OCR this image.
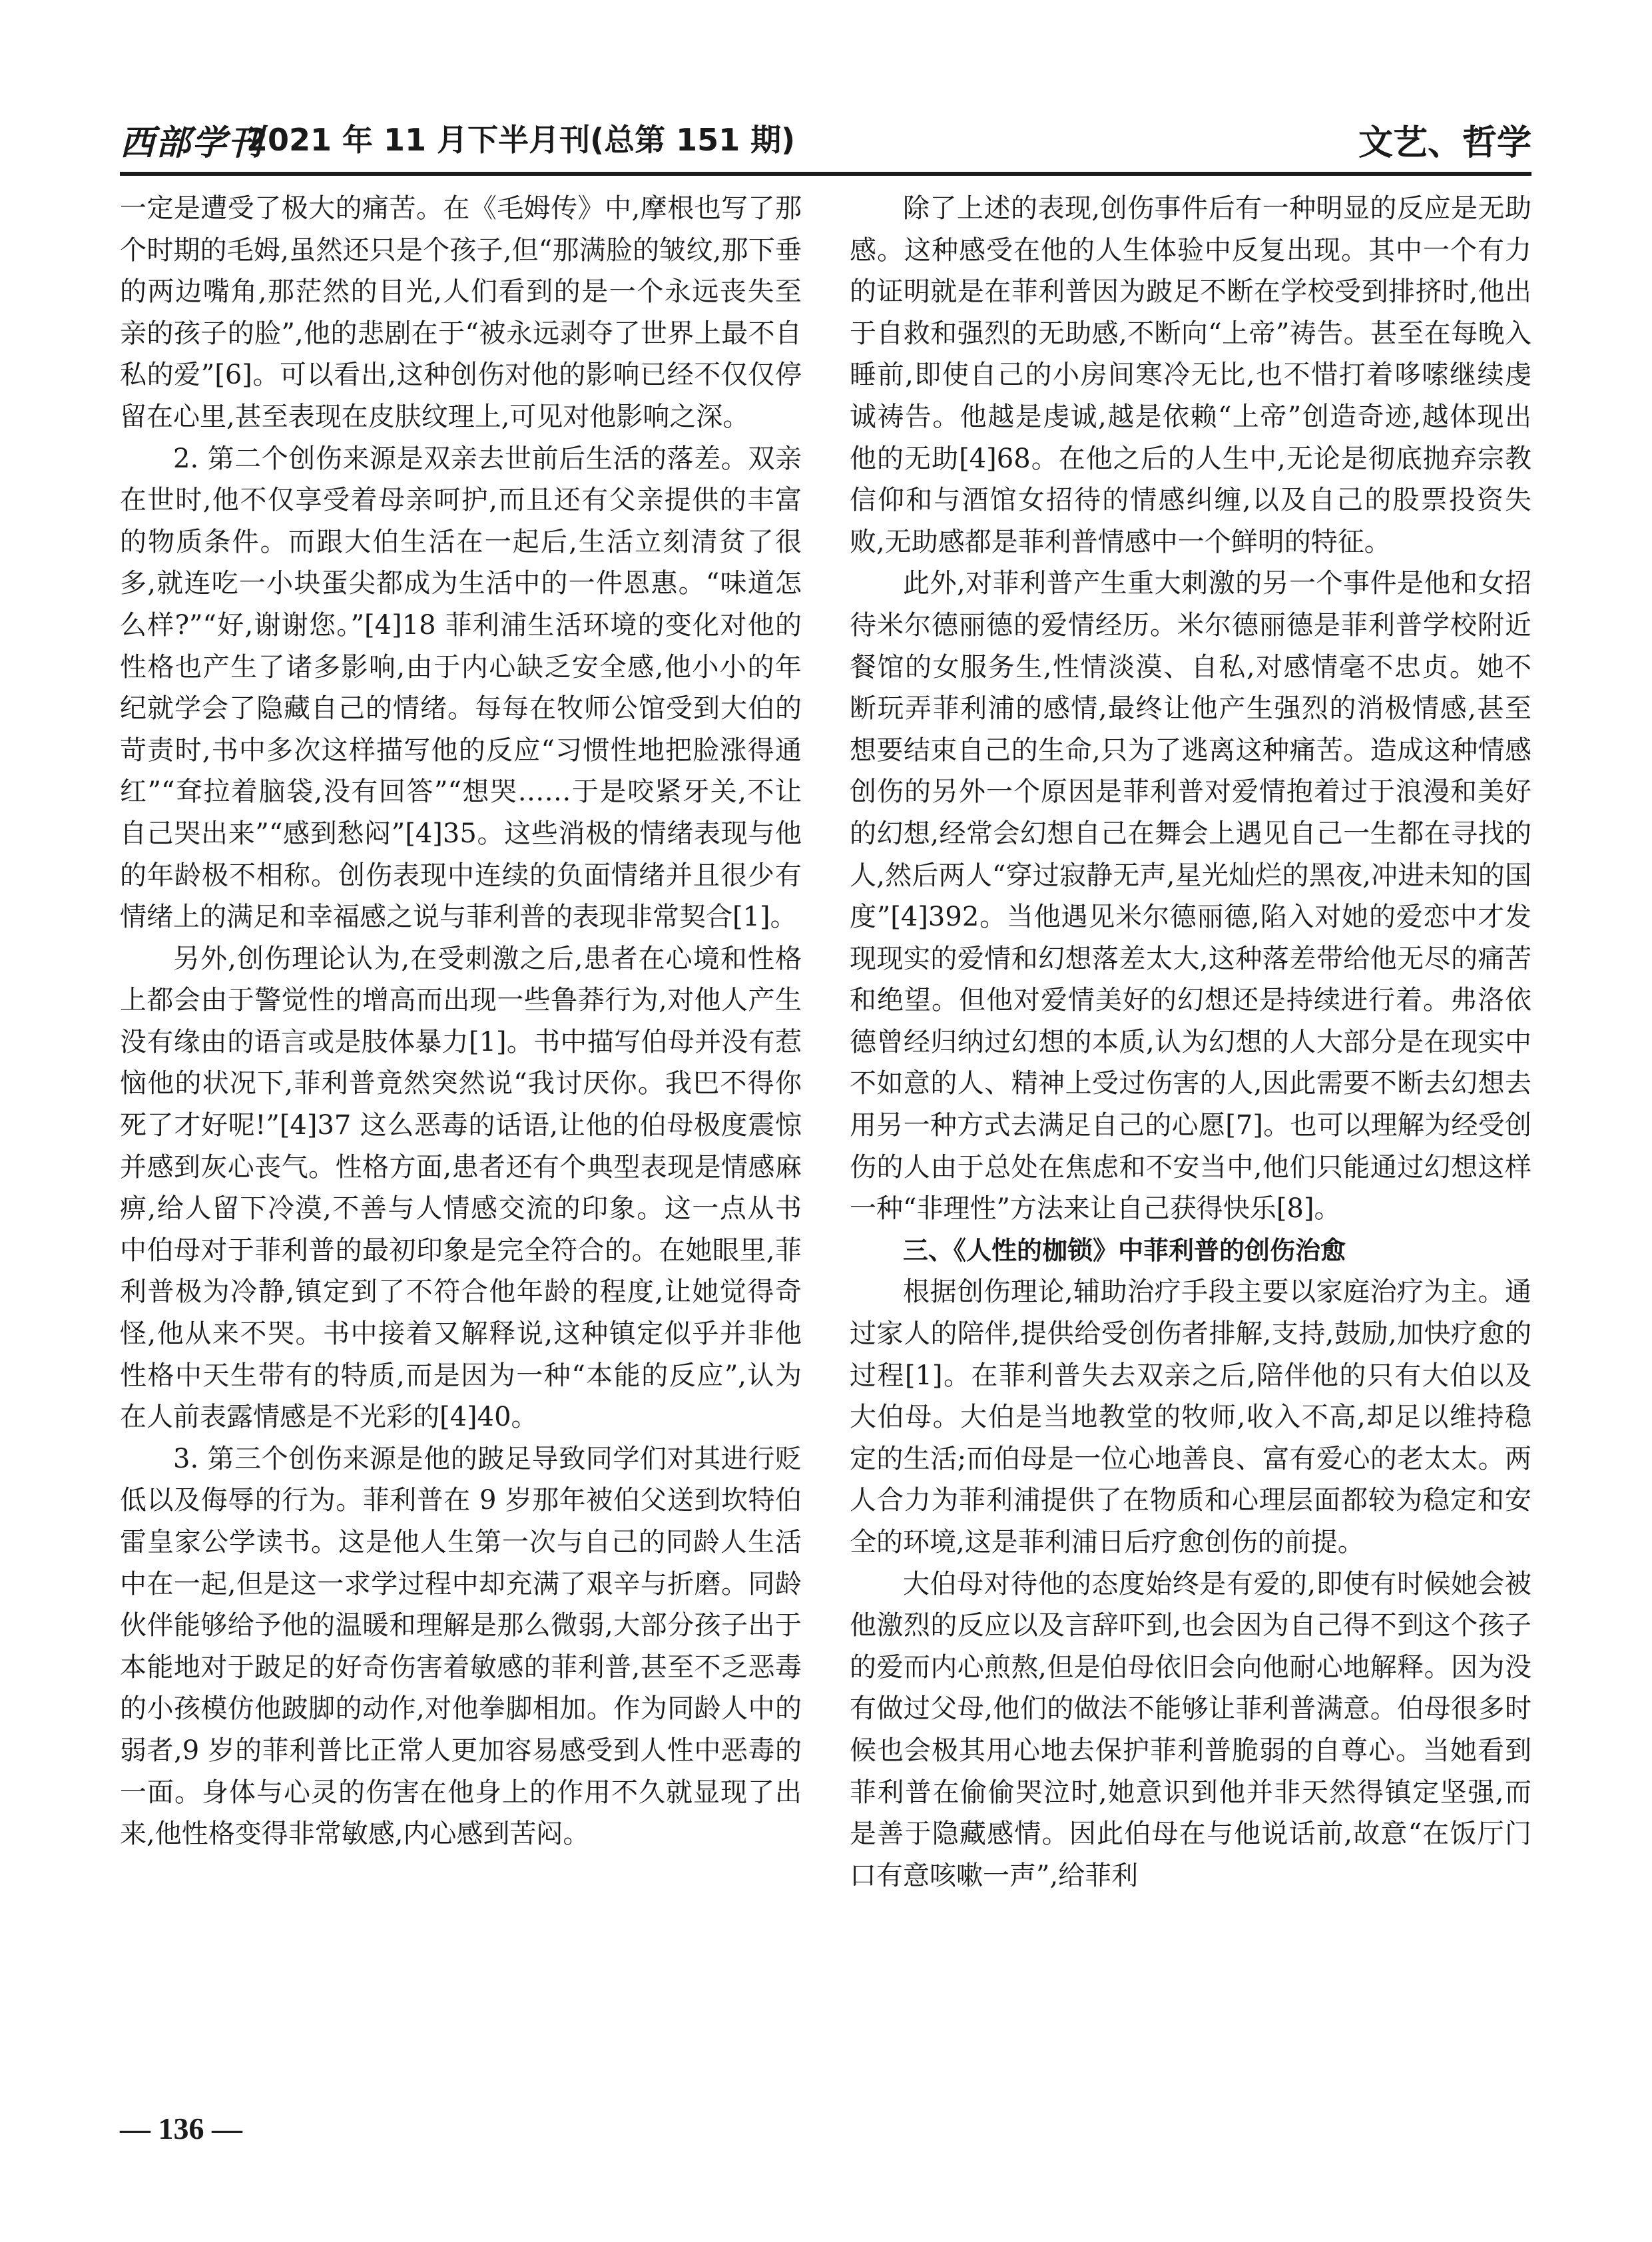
西部学刊
2021 年 11 月下半月刊(总第 151 期)	文艺、哲学

一定是遭受了极大的痛苦。在《毛姆传》中,摩根也写了那个时期的毛姆,虽然还只是个孩子,但“那满脸的皱纹,那下垂的两边嘴角,那茫然的目光,人们看到的是一个永远丧失至亲的孩子的脸”,他的悲剧在于“被永远剥夺了世界上最不自私的爱”[6]。可以看出,这种创伤对他的影响已经不仅仅停留在心里,甚至表现在皮肤纹理上,可见对他影响之深。

2. 第二个创伤来源是双亲去世前后生活的落差。双亲在世时,他不仅享受着母亲呵护,而且还有父亲提供的丰富的物质条件。而跟大伯生活在一起后,生活立刻清贫了很多,就连吃一小块蛋尖都成为生活中的一件恩惠。“味道怎么样?”“好,谢谢您。”[4]18 菲利浦生活环境的变化对他的性格也产生了诸多影响,由于内心缺乏安全感,他小小的年纪就学会了隐藏自己的情绪。每每在牧师公馆受到大伯的苛责时,书中多次这样描写他的反应“习惯性地把脸涨得通红”“耷拉着脑袋,没有回答”“想哭……于是咬紧牙关,不让自己哭出来”“感到愁闷”[4]35。这些消极的情绪表现与他的年龄极不相称。创伤表现中连续的负面情绪并且很少有情绪上的满足和幸福感之说与菲利普的表现非常契合[1]。

另外,创伤理论认为,在受刺激之后,患者在心境和性格上都会由于警觉性的增高而出现一些鲁莽行为,对他人产生没有缘由的语言或是肢体暴力[1]。书中描写伯母并没有惹恼他的状况下,菲利普竟然突然说“我讨厌你。我巴不得你死了才好呢!”[4]37 这么恶毒的话语,让他的伯母极度震惊并感到灰心丧气。性格方面,患者还有个典型表现是情感麻痹,给人留下冷漠,不善与人情感交流的印象。这一点从书中伯母对于菲利普的最初印象是完全符合的。在她眼里,菲利普极为冷静,镇定到了不符合他年龄的程度,让她觉得奇怪,他从来不哭。书中接着又解释说,这种镇定似乎并非他性格中天生带有的特质,而是因为一种“本能的反应”,认为在人前表露情感是不光彩的[4]40。

3. 第三个创伤来源是他的跛足导致同学们对其进行贬低以及侮辱的行为。菲利普在 9 岁那年被伯父送到坎特伯雷皇家公学读书。这是他人生第一次与自己的同龄人生活中在一起,但是这一求学过程中却充满了艰辛与折磨。同龄伙伴能够给予他的温暖和理解是那么微弱,大部分孩子出于本能地对于跛足的好奇伤害着敏感的菲利普,甚至不乏恶毒的小孩模仿他跛脚的动作,对他拳脚相加。作为同龄人中的弱者,9 岁的菲利普比正常人更加容易感受到人性中恶毒的一面。身体与心灵的伤害在他身上的作用不久就显现了出来,他性格变得非常敏感,内心感到苦闷。

除了上述的表现,创伤事件后有一种明显的反应是无助感。这种感受在他的人生体验中反复出现。其中一个有力的证明就是在菲利普因为跛足不断在学校受到排挤时,他出于自救和强烈的无助感,不断向“上帝”祷告。甚至在每晚入睡前,即使自己的小房间寒冷无比,也不惜打着哆嗦继续虔诚祷告。他越是虔诚,越是依赖“上帝”创造奇迹,越体现出他的无助[4]68。在他之后的人生中,无论是彻底抛弃宗教信仰和与酒馆女招待的情感纠缠,以及自己的股票投资失败,无助感都是菲利普情感中一个鲜明的特征。

此外,对菲利普产生重大刺激的另一个事件是他和女招待米尔德丽德的爱情经历。米尔德丽德是菲利普学校附近餐馆的女服务生,性情淡漠、自私,对感情毫不忠贞。她不断玩弄菲利浦的感情,最终让他产生强烈的消极情感,甚至想要结束自己的生命,只为了逃离这种痛苦。造成这种情感创伤的另外一个原因是菲利普对爱情抱着过于浪漫和美好的幻想,经常会幻想自己在舞会上遇见自己一生都在寻找的人,然后两人“穿过寂静无声,星光灿烂的黑夜,冲进未知的国度”[4]392。当他遇见米尔德丽德,陷入对她的爱恋中才发现现实的爱情和幻想落差太大,这种落差带给他无尽的痛苦和绝望。但他对爱情美好的幻想还是持续进行着。弗洛依德曾经归纳过幻想的本质,认为幻想的人大部分是在现实中不如意的人、精神上受过伤害的人,因此需要不断去幻想去用另一种方式去满足自己的心愿[7]。也可以理解为经受创伤的人由于总处在焦虑和不安当中,他们只能通过幻想这样一种“非理性”方法来让自己获得快乐[8]。

三、《人性的枷锁》中菲利普的创伤治愈

根据创伤理论,辅助治疗手段主要以家庭治疗为主。通过家人的陪伴,提供给受创伤者排解,支持,鼓励,加快疗愈的过程[1]。在菲利普失去双亲之后,陪伴他的只有大伯以及大伯母。大伯是当地教堂的牧师,收入不高,却足以维持稳定的生活;而伯母是一位心地善良、富有爱心的老太太。两人合力为菲利浦提供了在物质和心理层面都较为稳定和安全的环境,这是菲利浦日后疗愈创伤的前提。

大伯母对待他的态度始终是有爱的,即使有时候她会被他激烈的反应以及言辞吓到,也会因为自己得不到这个孩子的爱而内心煎熬,但是伯母依旧会向他耐心地解释。因为没有做过父母,他们的做法不能够让菲利普满意。伯母很多时候也会极其用心地去保护菲利普脆弱的自尊心。当她看到菲利普在偷偷哭泣时,她意识到他并非天然得镇定坚强,而是善于隐藏感情。因此伯母在与他说话前,故意“在饭厅门口有意咳嗽一声”,给菲利

— 136 —
